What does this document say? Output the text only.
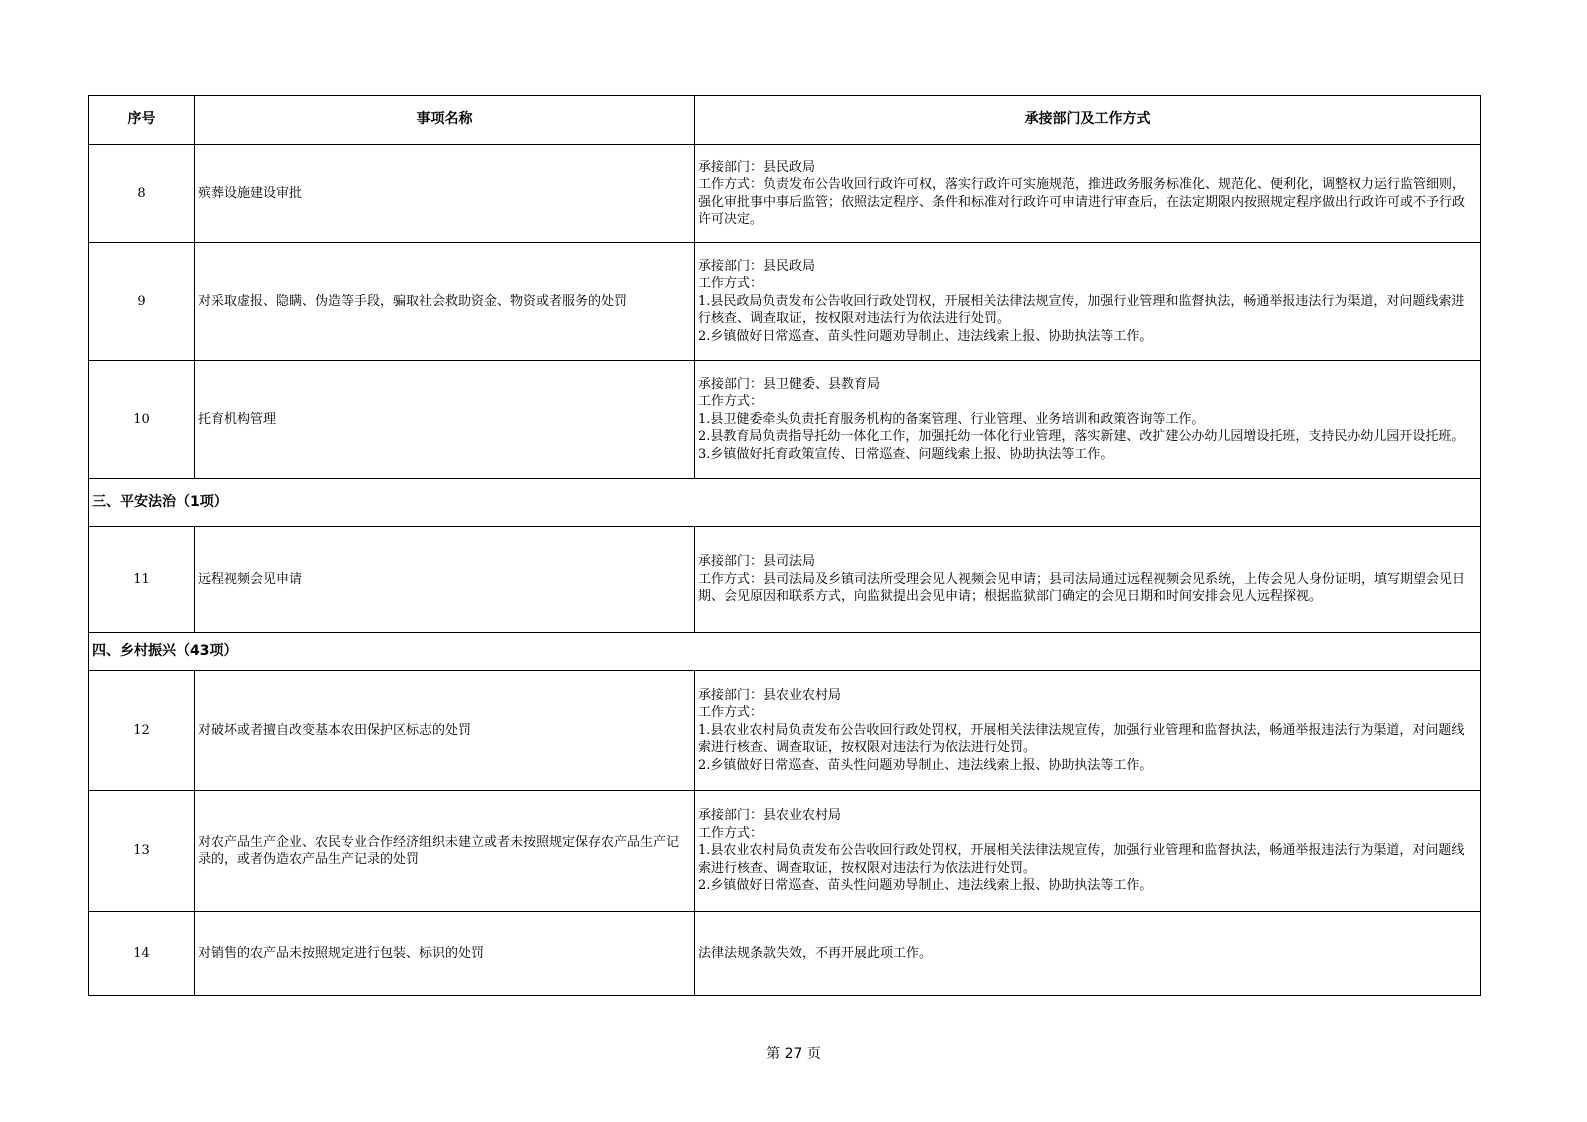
序号	事项名称	承接部门及工作方式
8	殡葬设施建设审批	承接部门：县民政局
工作方式：负责发布公告收回行政许可权，落实行政许可实施规范，推进政务服务标准化、规范化、便利化，调整权力运行监管细则，强化审批事中事后监管；依照法定程序、条件和标准对行政许可申请进行审查后，在法定期限内按照规定程序做出行政许可或不予行政许可决定。

9	对采取虚报、隐瞒、伪造等手段，骗取社会救助资金、物资或者服务的处罚	承接部门：县民政局
工作方式：
1.县民政局负责发布公告收回行政处罚权，开展相关法律法规宣传，加强行业管理和监督执法，畅通举报违法行为渠道，对问题线索进行核查、调查取证，按权限对违法行为依法进行处罚。
2.乡镇做好日常巡查、苗头性问题劝导制止、违法线索上报、协助执法等工作。

10	托育机构管理	承接部门：县卫健委、县教育局
工作方式：
1.县卫健委牵头负责托育服务机构的备案管理、行业管理、业务培训和政策咨询等工作。
2.县教育局负责指导托幼一体化工作，加强托幼一体化行业管理，落实新建、改扩建公办幼儿园增设托班，支持民办幼儿园开设托班。
3.乡镇做好托育政策宣传、日常巡查、问题线索上报、协助执法等工作。

三、平安法治（1项）		
11	远程视频会见申请	承接部门：县司法局
工作方式：县司法局及乡镇司法所受理会见人视频会见申请；县司法局通过远程视频会见系统，上传会见人身份证明，填写期望会见日期、会见原因和联系方式，向监狱提出会见申请；根据监狱部门确定的会见日期和时间安排会见人远程探视。

四、乡村振兴（43项）		
12	对破坏或者擅自改变基本农田保护区标志的处罚	承接部门：县农业农村局
工作方式：
1.县农业农村局负责发布公告收回行政处罚权，开展相关法律法规宣传，加强行业管理和监督执法，畅通举报违法行为渠道，对问题线索进行核查、调查取证，按权限对违法行为依法进行处罚。
2.乡镇做好日常巡查、苗头性问题劝导制止、违法线索上报、协助执法等工作。

13	对农产品生产企业、农民专业合作经济组织未建立或者未按照规定保存农产品生产记录的，或者伪造农产品生产记录的处罚	承接部门：县农业农村局
工作方式：
1.县农业农村局负责发布公告收回行政处罚权，开展相关法律法规宣传，加强行业管理和监督执法，畅通举报违法行为渠道，对问题线索进行核查、调查取证，按权限对违法行为依法进行处罚。
2.乡镇做好日常巡查、苗头性问题劝导制止、违法线索上报、协助执法等工作。

14	对销售的农产品未按照规定进行包装、标识的处罚	法律法规条款失效，不再开展此项工作。
第 27 页
